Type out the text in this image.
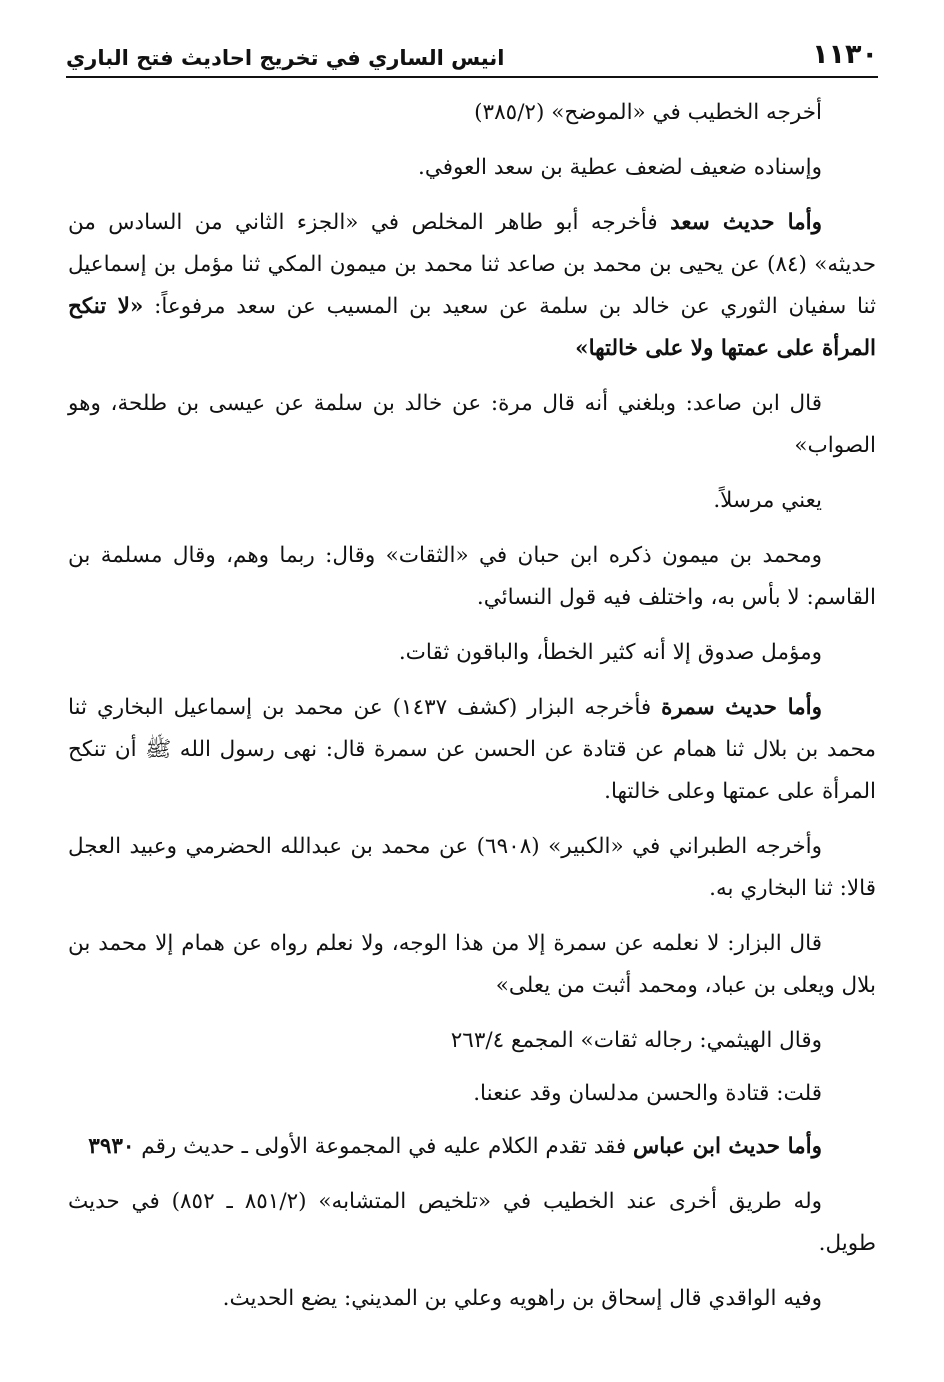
١١٣٠
انيس الساري في تخريج احاديث فتح الباري

أخرجه الخطيب في «الموضح» (٣٨٥/٢)

وإسناده ضعيف لضعف عطية بن سعد العوفي.

وأما حديث سعد فأخرجه أبو طاهر المخلص في «الجزء الثاني من السادس من حديثه» (٨٤) عن يحيى بن محمد بن صاعد ثنا محمد بن ميمون المكي ثنا مؤمل بن إسماعيل ثنا سفيان الثوري عن خالد بن سلمة عن سعيد بن المسيب عن سعد مرفوعاً: «لا تنكح المرأة على عمتها ولا على خالتها»

قال ابن صاعد: وبلغني أنه قال مرة: عن خالد بن سلمة عن عيسى بن طلحة، وهو الصواب»

يعني مرسلاً.

ومحمد بن ميمون ذكره ابن حبان في «الثقات» وقال: ربما وهم، وقال مسلمة بن القاسم: لا بأس به، واختلف فيه قول النسائي.

ومؤمل صدوق إلا أنه كثير الخطأ، والباقون ثقات.

وأما حديث سمرة فأخرجه البزار (كشف ١٤٣٧) عن محمد بن إسماعيل البخاري ثنا محمد بن بلال ثنا همام عن قتادة عن الحسن عن سمرة قال: نهى رسول الله ﷺ أن تنكح المرأة على عمتها وعلى خالتها.

وأخرجه الطبراني في «الكبير» (٦٩٠٨) عن محمد بن عبدالله الحضرمي وعبيد العجل قالا: ثنا البخاري به.

قال البزار: لا نعلمه عن سمرة إلا من هذا الوجه، ولا نعلم رواه عن همام إلا محمد بن بلال ويعلى بن عباد، ومحمد أثبت من يعلى»

وقال الهيثمي: رجاله ثقات» المجمع ٢٦٣/٤

قلت: قتادة والحسن مدلسان وقد عنعنا.

وأما حديث ابن عباس فقد تقدم الكلام عليه في المجموعة الأولى ـ حديث رقم ٣٩٣٠

وله طريق أخرى عند الخطيب في «تلخيص المتشابه» (٨٥١/٢ ـ ٨٥٢) في حديث طويل.

وفيه الواقدي قال إسحاق بن راهويه وعلي بن المديني: يضع الحديث.
